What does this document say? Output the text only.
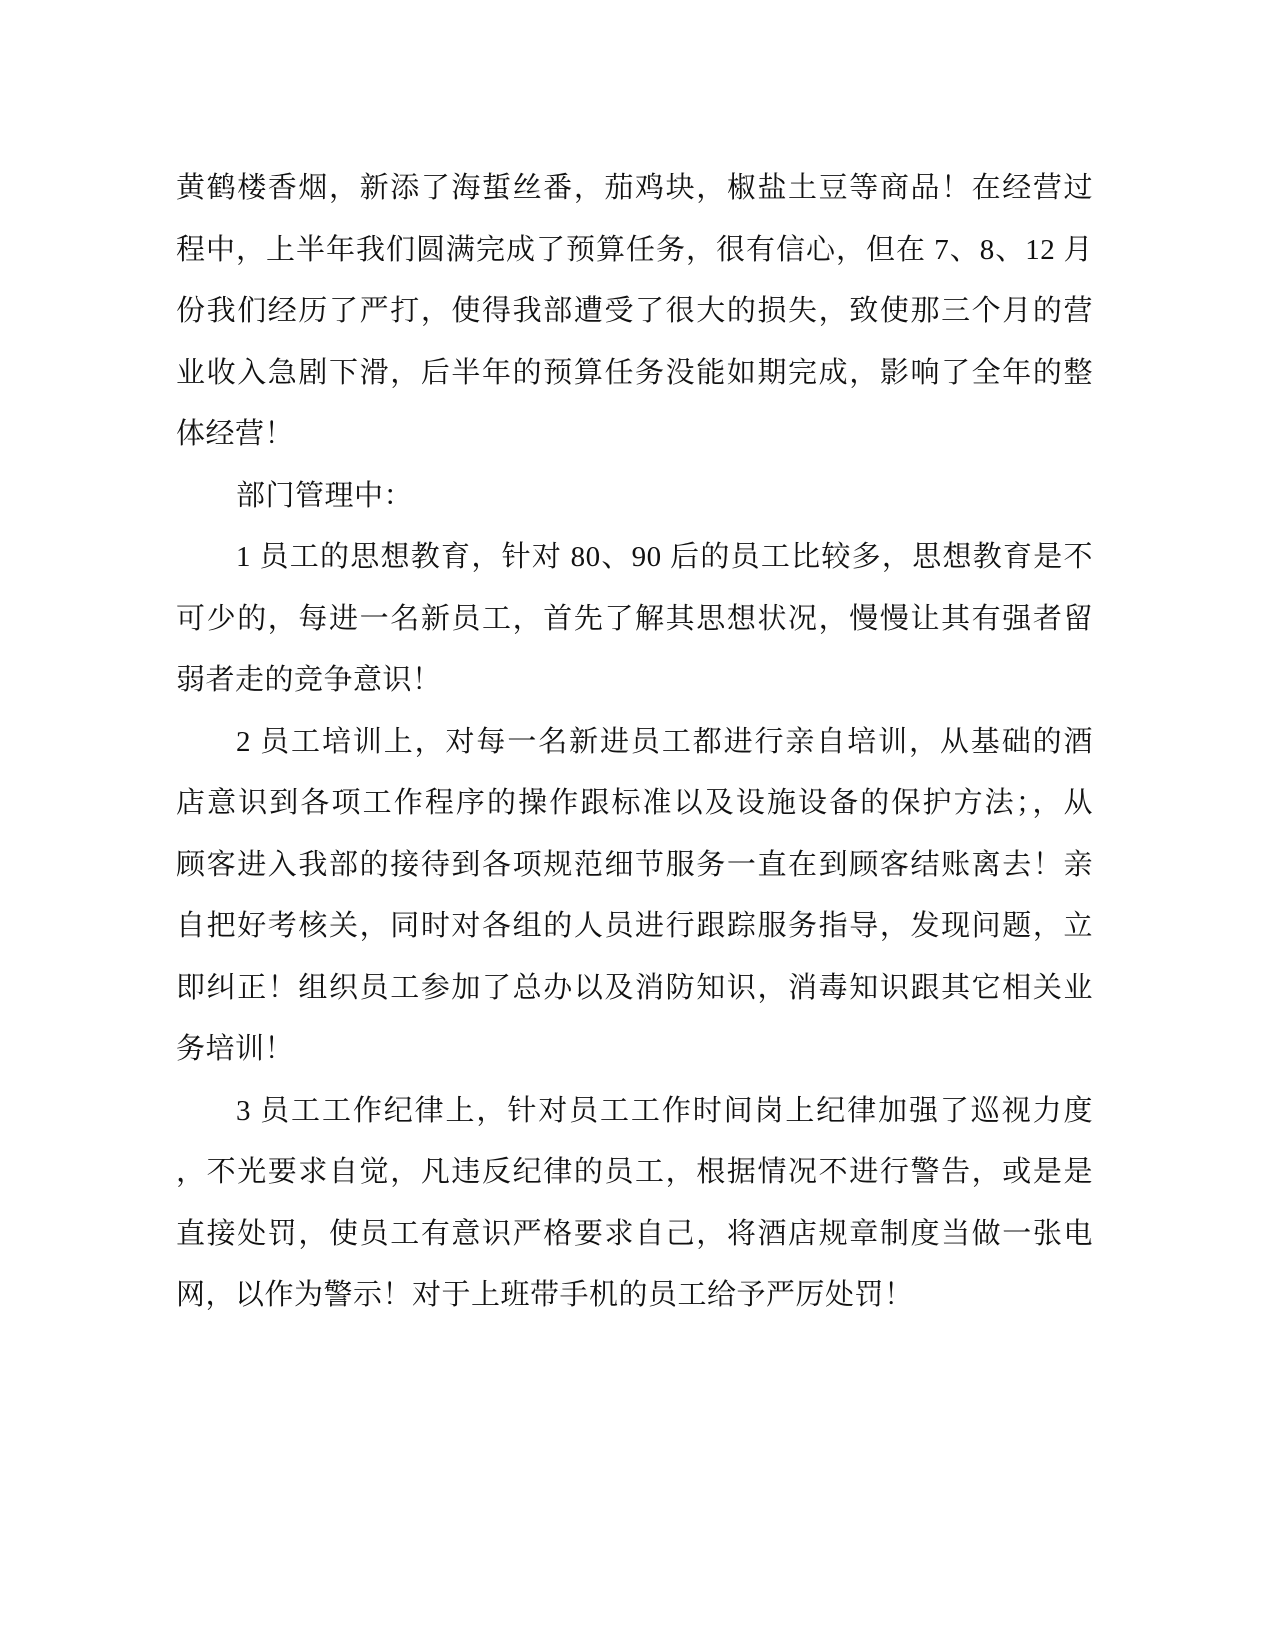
黄鹤楼香烟，新添了海蜇丝番，茄鸡块，椒盐土豆等商品！在经营过
程中，上半年我们圆满完成了预算任务，很有信心，但在 7、8、12 月
份我们经历了严打，使得我部遭受了很大的损失，致使那三个月的营
业收入急剧下滑，后半年的预算任务没能如期完成，影响了全年的整
体经营！
部门管理中：
1 员工的思想教育，针对 80、90 后的员工比较多，思想教育是不
可少的，每进一名新员工，首先了解其思想状况，慢慢让其有强者留
弱者走的竞争意识！
2 员工培训上，对每一名新进员工都进行亲自培训，从基础的酒
店意识到各项工作程序的操作跟标准以及设施设备的保护方法；，从
顾客进入我部的接待到各项规范细节服务一直在到顾客结账离去！亲
自把好考核关，同时对各组的人员进行跟踪服务指导，发现问题，立
即纠正！组织员工参加了总办以及消防知识，消毒知识跟其它相关业
务培训！
3 员工工作纪律上，针对员工工作时间岗上纪律加强了巡视力度
，不光要求自觉，凡违反纪律的员工，根据情况不进行警告，或是是
直接处罚，使员工有意识严格要求自己，将酒店规章制度当做一张电
网，以作为警示！对于上班带手机的员工给予严厉处罚！
